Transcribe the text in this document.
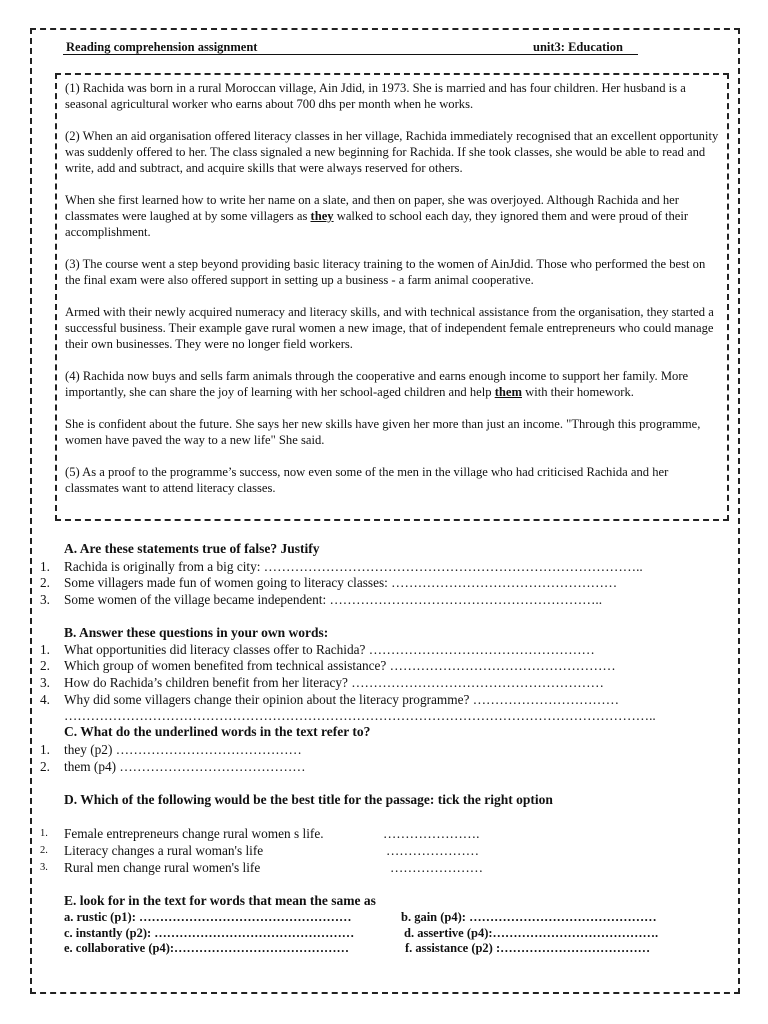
Reading comprehension assignment	unit3: Education

(1) Rachida was born in a rural Moroccan village, Ain Jdid, in 1973. She is married and has four children. Her husband is a seasonal agricultural worker who earns about 700 dhs per month when he works.

(2) When an aid organisation offered literacy classes in her village, Rachida immediately recognised that an excellent opportunity was suddenly offered to her. The class signaled a new beginning for Rachida. If she took classes, she would be able to read and write, add and subtract, and acquire skills that were always reserved for others.

When she first learned how to write her name on a slate, and then on paper, she was overjoyed. Although Rachida and her classmates were laughed at by some villagers as they walked to school each day, they ignored them and were proud of their accomplishment.

(3) The course went a step beyond providing basic literacy training to the women of AinJdid. Those who performed the best on the final exam were also offered support in setting up a business - a farm animal cooperative.

Armed with their newly acquired numeracy and literacy skills, and with technical assistance from the organisation, they started a successful business. Their example gave rural women a new image, that of independent female entrepreneurs who could manage their own businesses. They were no longer field workers.

(4) Rachida now buys and sells farm animals through the cooperative and earns enough income to support her family. More importantly, she can share the joy of learning with her school-aged children and help them with their homework.

She is confident about the future. She says her new skills have given her more than just an income. "Through this programme, women have paved the way to a new life" She said.

(5) As a proof to the programme’s success, now even some of the men in the village who had criticised Rachida and her classmates want to attend literacy classes.

A. Are these statements true of false? Justify
1.	Rachida is originally from a big city: …………………………………………………………………………..
2.	Some villagers made fun of women going to literacy classes: ……………………………………………
3.	Some women of the village became independent: ……………………………………………………..
B. Answer these questions in your own words:
1.	What opportunities did literacy classes offer to Rachida? ……………………………………………
2.	Which group of women benefited from technical assistance? ……………………………………………
3.	How do Rachida’s children benefit from her literacy? …………………………………………………
4.	Why did some villagers change their opinion about the literacy programme? ……………………………
……………………………………………………………………………………………………………………..
C. What do the underlined words in the text refer to?
1.	they (p2) ……………………………………
2.	them (p4) ……………………………………
D. Which of the following would be the best title for the passage: tick the right option
1.	Female entrepreneurs change rural women s life.	………………….
2.	Literacy changes a rural woman's life	…………………
3.	Rural men change rural women's life	…………………
E. look for in the text for words that mean the same as
a. rustic (p1): ……………………………………………	b. gain (p4): ………………………………………
c. instantly (p2): …………………………………………	d. assertive (p4):………………………………….
e. collaborative (p4):……………………………………	f. assistance (p2) :………………………………
